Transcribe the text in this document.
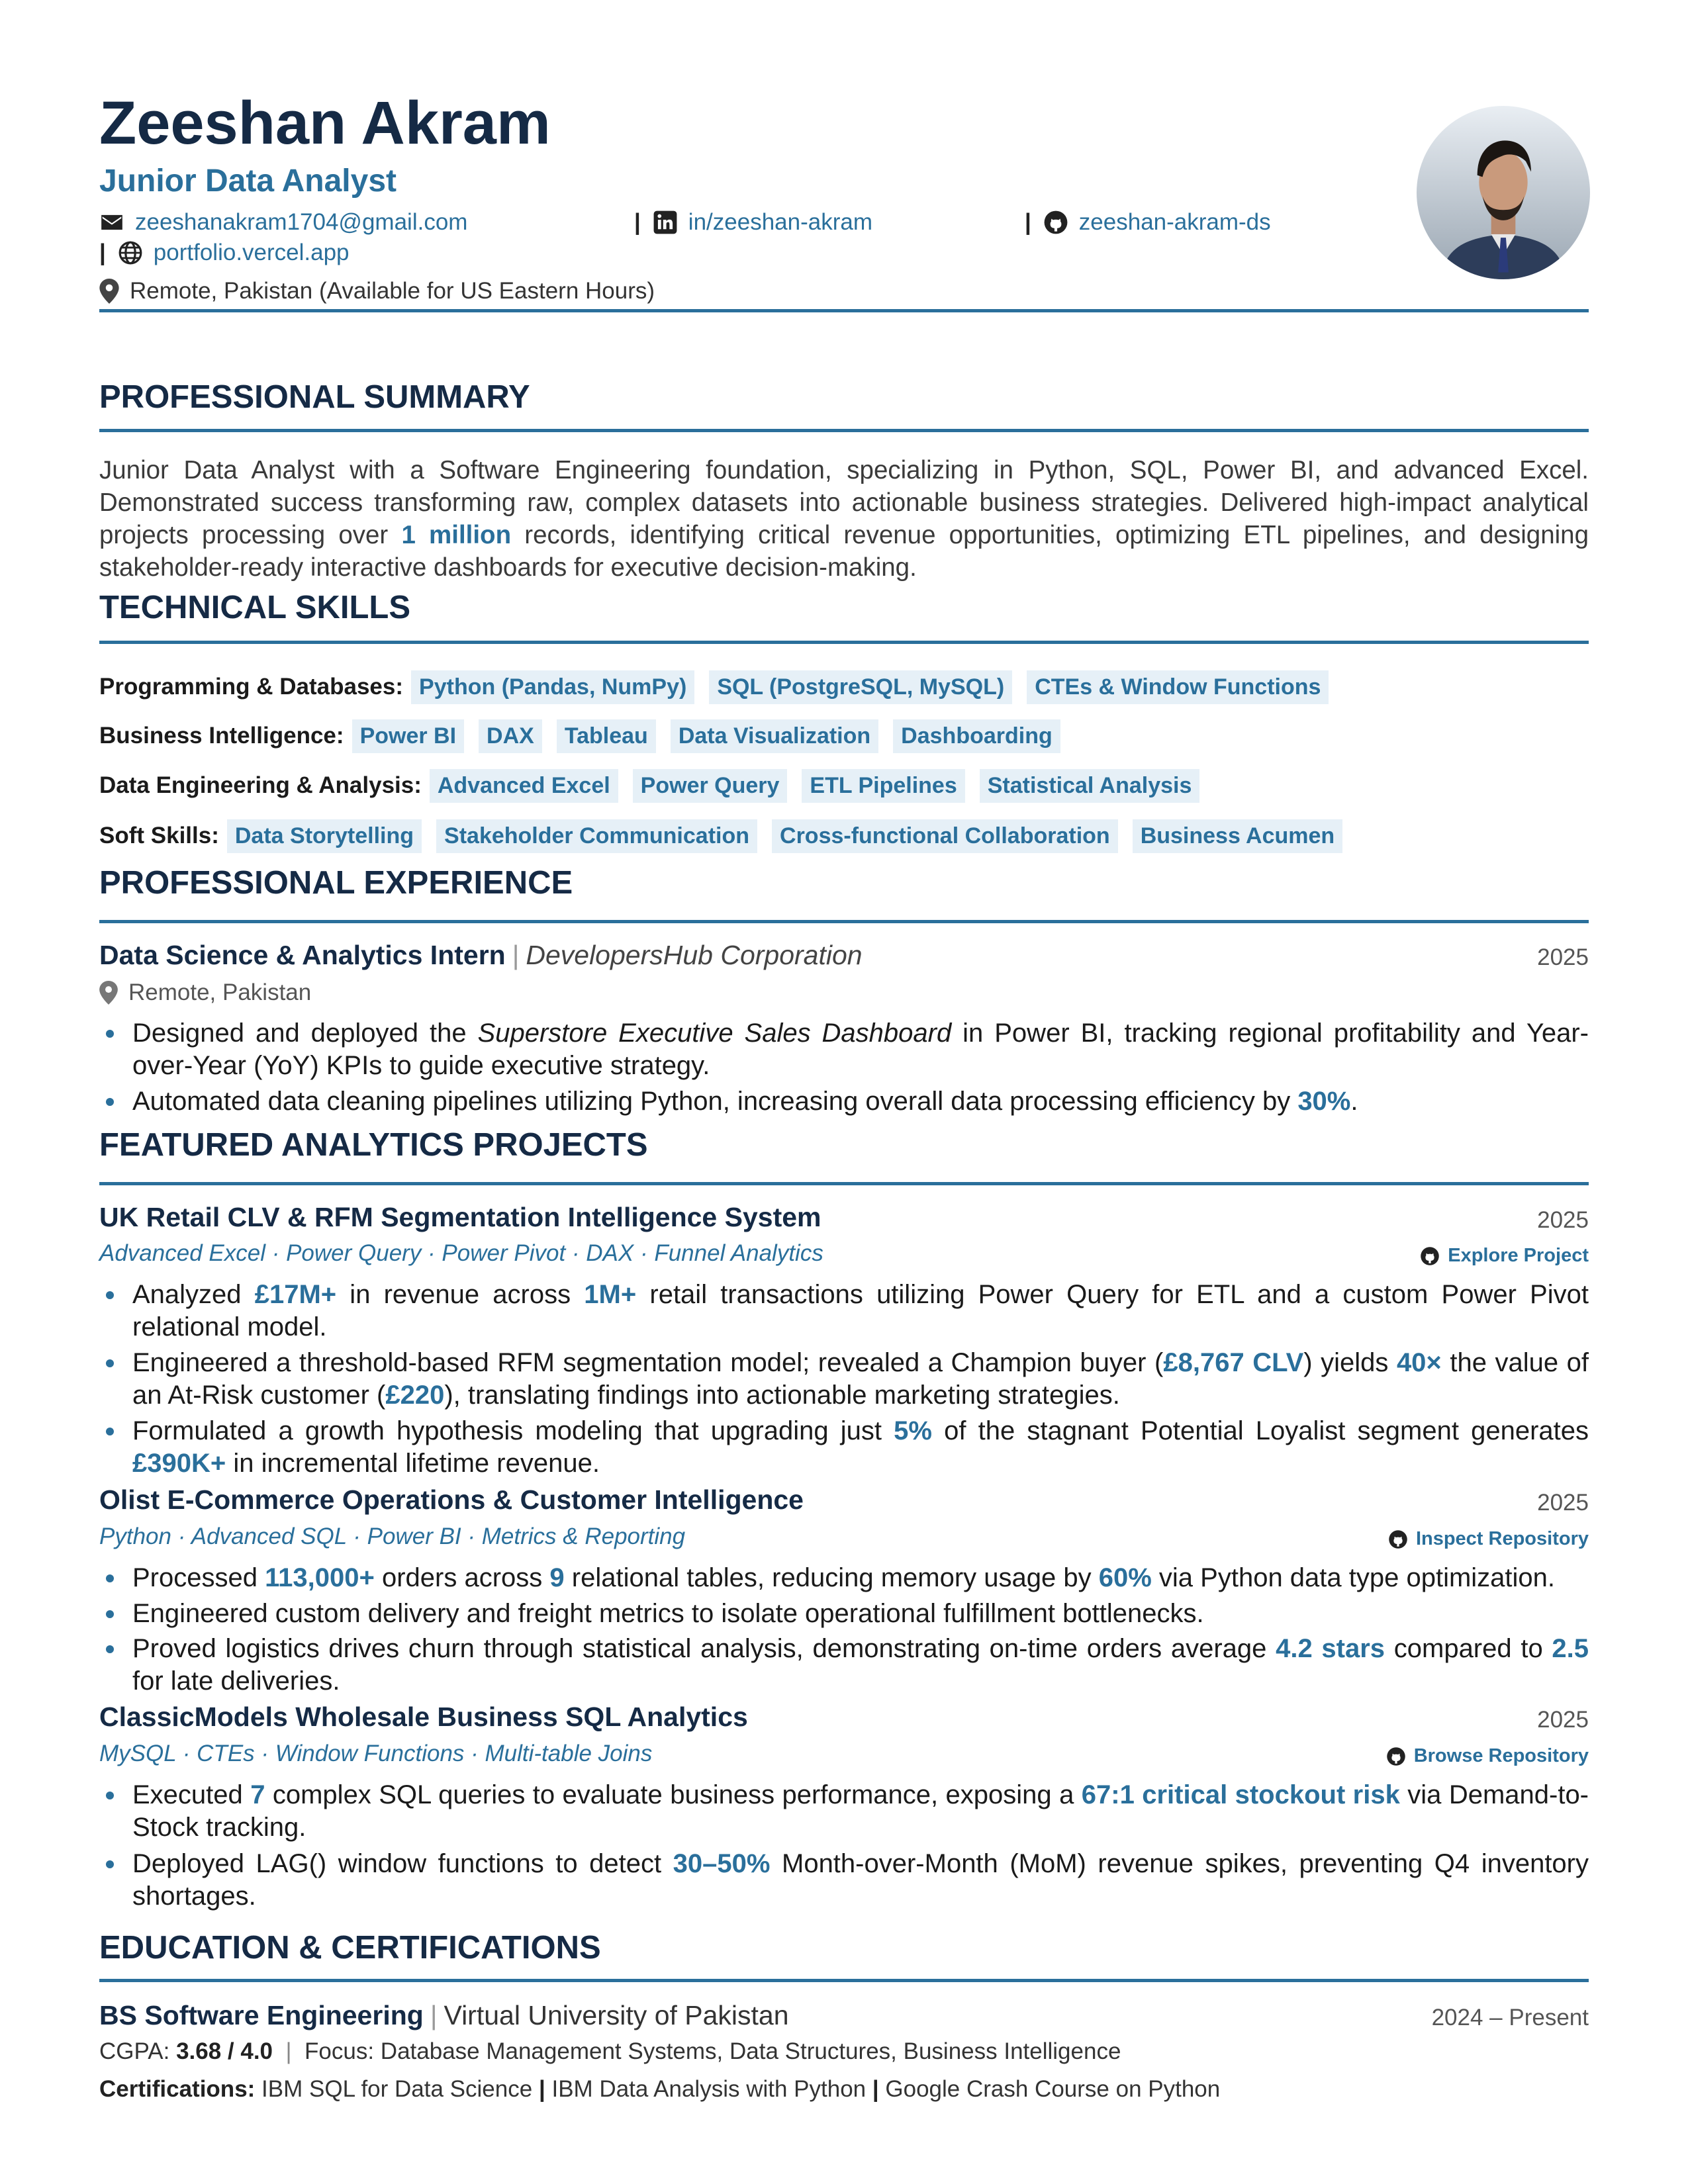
Zeeshan Akram
Junior Data Analyst
zeeshanakram1704@gmail.com	| in/zeeshan-akram	| zeeshan-akram-ds
| portfolio.vercel.app
Remote, Pakistan (Available for US Eastern Hours)
PROFESSIONAL SUMMARY
Junior Data Analyst with a Software Engineering foundation, specializing in Python, SQL, Power BI, and advanced Excel. Demonstrated success transforming raw, complex datasets into actionable business strategies. Delivered high-impact analytical projects processing over 1 million records, identifying critical revenue opportunities, optimizing ETL pipelines, and designing stakeholder-ready interactive dashboards for executive decision-making.
TECHNICAL SKILLS
Programming & Databases: Python (Pandas, NumPy)	SQL (PostgreSQL, MySQL)	CTEs & Window Functions
Business Intelligence: Power BI	DAX	Tableau	Data Visualization	Dashboarding
Data Engineering & Analysis: Advanced Excel	Power Query	ETL Pipelines	Statistical Analysis
Soft Skills: Data Storytelling	Stakeholder Communication	Cross-functional Collaboration	Business Acumen
PROFESSIONAL EXPERIENCE
Data Science & Analytics Intern | DevelopersHub Corporation	2025
Remote, Pakistan
Designed and deployed the Superstore Executive Sales Dashboard in Power BI, tracking regional profitability and Year-over-Year (YoY) KPIs to guide executive strategy.
Automated data cleaning pipelines utilizing Python, increasing overall data processing efficiency by 30%.
FEATURED ANALYTICS PROJECTS
UK Retail CLV & RFM Segmentation Intelligence System	2025
Advanced Excel · Power Query · Power Pivot · DAX · Funnel Analytics	Explore Project
Analyzed £17M+ in revenue across 1M+ retail transactions utilizing Power Query for ETL and a custom Power Pivot relational model.
Engineered a threshold-based RFM segmentation model; revealed a Champion buyer (£8,767 CLV) yields 40× the value of an At-Risk customer (£220), translating findings into actionable marketing strategies.
Formulated a growth hypothesis modeling that upgrading just 5% of the stagnant Potential Loyalist segment generates £390K+ in incremental lifetime revenue.
Olist E-Commerce Operations & Customer Intelligence	2025
Python · Advanced SQL · Power BI · Metrics & Reporting	Inspect Repository
Processed 113,000+ orders across 9 relational tables, reducing memory usage by 60% via Python data type optimization.
Engineered custom delivery and freight metrics to isolate operational fulfillment bottlenecks.
Proved logistics drives churn through statistical analysis, demonstrating on-time orders average 4.2 stars compared to 2.5 for late deliveries.
ClassicModels Wholesale Business SQL Analytics	2025
MySQL · CTEs · Window Functions · Multi-table Joins	Browse Repository
Executed 7 complex SQL queries to evaluate business performance, exposing a 67:1 critical stockout risk via Demand-to-Stock tracking.
Deployed LAG() window functions to detect 30–50% Month-over-Month (MoM) revenue spikes, preventing Q4 inventory shortages.
EDUCATION & CERTIFICATIONS
BS Software Engineering | Virtual University of Pakistan	2024 – Present
CGPA: 3.68 / 4.0 | Focus: Database Management Systems, Data Structures, Business Intelligence
Certifications: IBM SQL for Data Science | IBM Data Analysis with Python | Google Crash Course on Python
